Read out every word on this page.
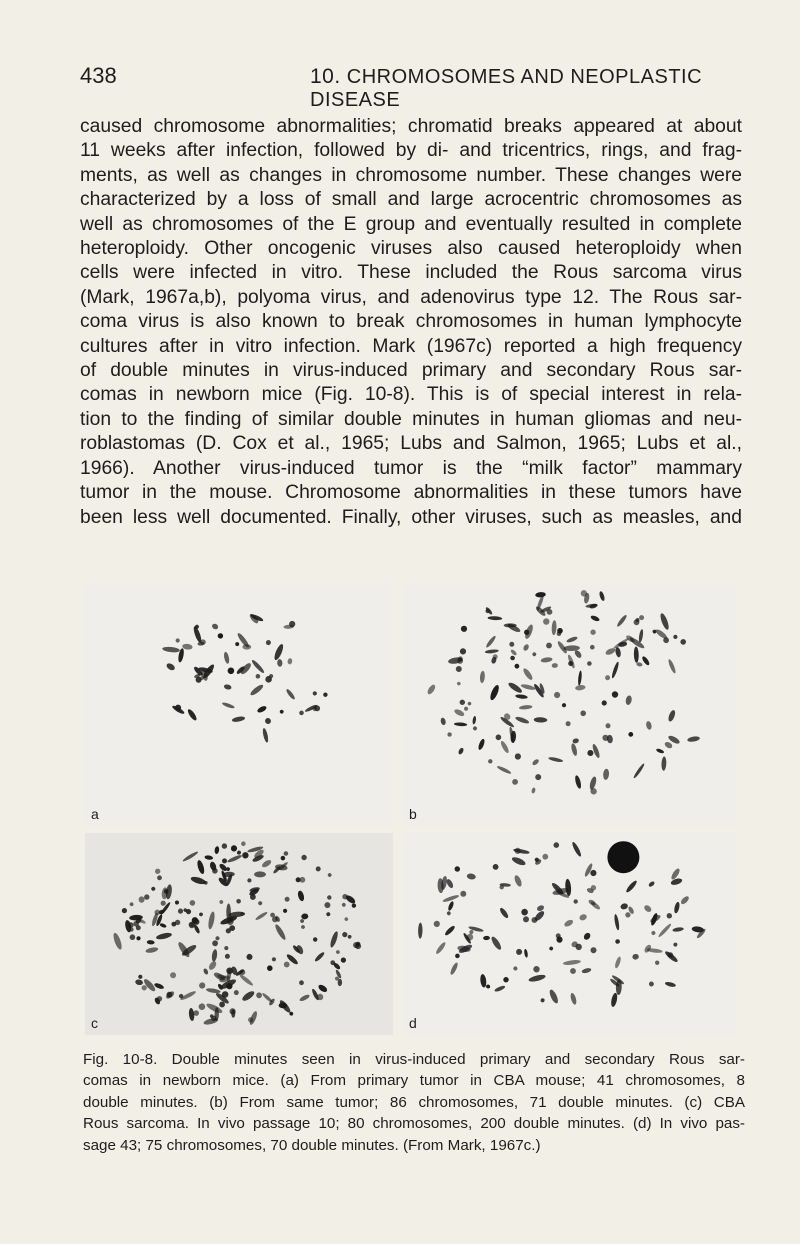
438	10. CHROMOSOMES AND NEOPLASTIC DISEASE
caused chromosome abnormalities; chromatid breaks appeared at about
11 weeks after infection, followed by di- and tricentrics, rings, and frag-
ments, as well as changes in chromosome number. These changes were
characterized by a loss of small and large acrocentric chromosomes as
well as chromosomes of the E group and eventually resulted in complete
heteroploidy. Other oncogenic viruses also caused heteroploidy when
cells were infected in vitro. These included the Rous sarcoma virus
(Mark, 1967a,b), polyoma virus, and adenovirus type 12. The Rous sar-
coma virus is also known to break chromosomes in human lymphocyte
cultures after in vitro infection. Mark (1967c) reported a high frequency
of double minutes in virus-induced primary and secondary Rous sar-
comas in newborn mice (Fig. 10-8). This is of special interest in rela-
tion to the finding of similar double minutes in human gliomas and neu-
roblastomas (D. Cox et al., 1965; Lubs and Salmon, 1965; Lubs et al.,
1966). Another virus-induced tumor is the “milk factor” mammary
tumor in the mouse. Chromosome abnormalities in these tumors have
been less well documented. Finally, other viruses, such as measles, and
a	b
c	d
Fig. 10-8. Double minutes seen in virus-induced primary and secondary Rous sar-
comas in newborn mice. (a) From primary tumor in CBA mouse; 41 chromosomes, 8
double minutes. (b) From same tumor; 86 chromosomes, 71 double minutes. (c) CBA
Rous sarcoma. In vivo passage 10; 80 chromosomes, 200 double minutes. (d) In vivo pas-
sage 43; 75 chromosomes, 70 double minutes. (From Mark, 1967c.)
